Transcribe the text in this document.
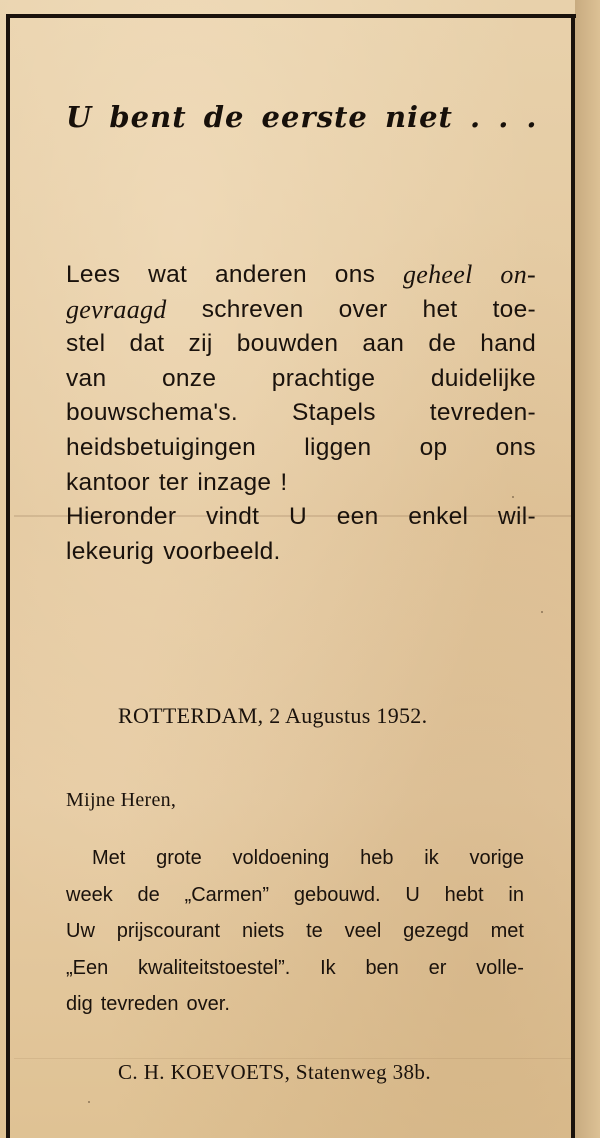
U bent de eerste niet . . .
Lees wat anderen ons geheel on-
gevraagd schreven over het toe-
stel dat zij bouwden aan de hand
van onze prachtige duidelijke
bouwschema's. Stapels tevreden-
heidsbetuigingen liggen op ons
kantoor ter inzage !
Hieronder vindt U een enkel wil-
lekeurig voorbeeld.

ROTTERDAM, 2 Augustus 1952.

Mijne Heren,

Met grote voldoening heb ik vorige
week de „Carmen” gebouwd. U hebt in
Uw prijscourant niets te veel gezegd met
„Een kwaliteitstoestel”. Ik ben er volle-
dig tevreden over.

C. H. KOEVOETS, Statenweg 38b.
